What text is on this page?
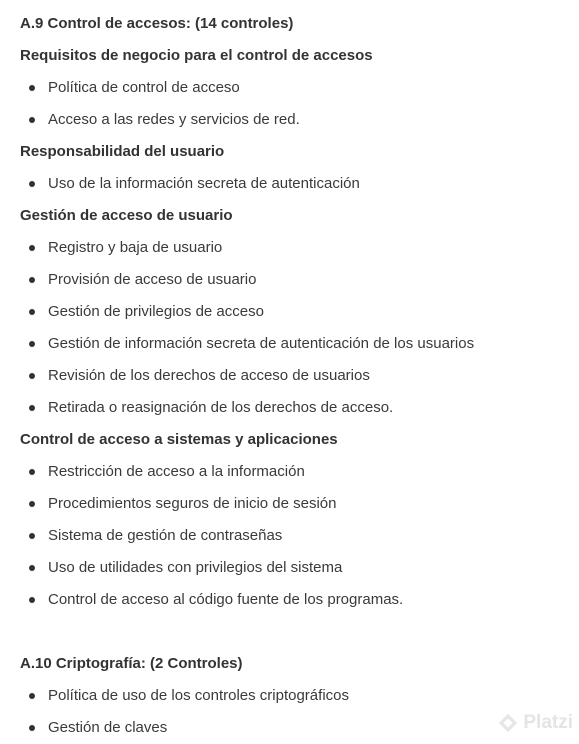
A.9 Control de accesos: (14 controles)
Requisitos de negocio para el control de accesos
Política de control de acceso
Acceso a las redes y servicios de red.
Responsabilidad del usuario
Uso de la información secreta de autenticación
Gestión de acceso de usuario
Registro y baja de usuario
Provisión de acceso de usuario
Gestión de privilegios de acceso
Gestión de información secreta de autenticación de los usuarios
Revisión de los derechos de acceso de usuarios
Retirada o reasignación de los derechos de acceso.
Control de acceso a sistemas y aplicaciones
Restricción de acceso a la información
Procedimientos seguros de inicio de sesión
Sistema de gestión de contraseñas
Uso de utilidades con privilegios del sistema
Control de acceso al código fuente de los programas.
A.10 Criptografía: (2 Controles)
Política de uso de los controles criptográficos
Gestión de claves	Platzi
